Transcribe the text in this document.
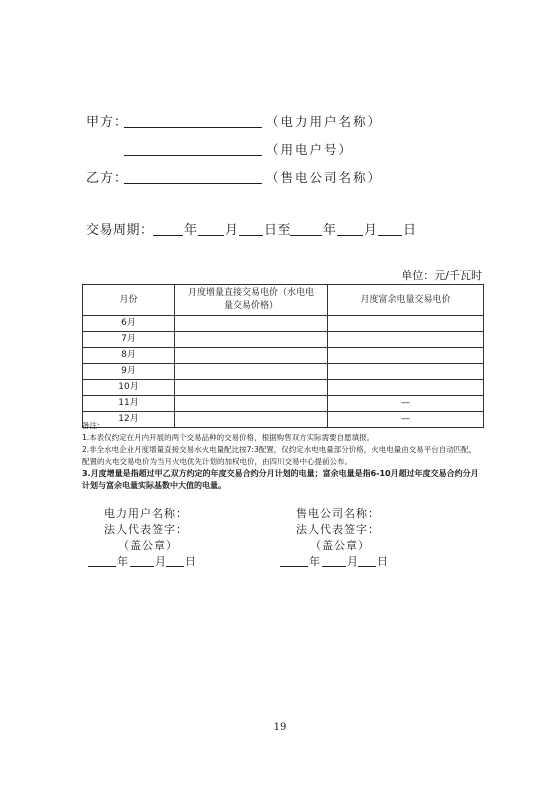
甲方：	（电力用户名称）
（用电户号）
乙方：	（售电公司名称）
交易周期： 年 月 日至 年 月 日
单位：元/千瓦时
月份	月度增量直接交易电价（水电电量交易价格）	月度富余电量交易电价
6月		
7月		
8月		
9月		
10月		
11月		—
12月		—
备注：
1.本表仅约定在月内开展的两个交易品种的交易价格，根据购售双方实际需要自愿填报。
2.非全水电企业月度增量直接交易水火电量配比按7:3配置，仅约定水电电量部分价格，火电电量由交易平台自动匹配，配置的火电交易电价为当月火电优先计划的加权电价，由四川交易中心提前公布。
3.月度增量是指超过甲乙双方约定的年度交易合约分月计划的电量；富余电量是指6-10月超过年度交易合约分月计划与富余电量实际基数中大值的电量。
电力用户名称：
法人代表签字：
（盖公章）
年 月 日
售电公司名称：
法人代表签字：
（盖公章）
年 月 日
19
